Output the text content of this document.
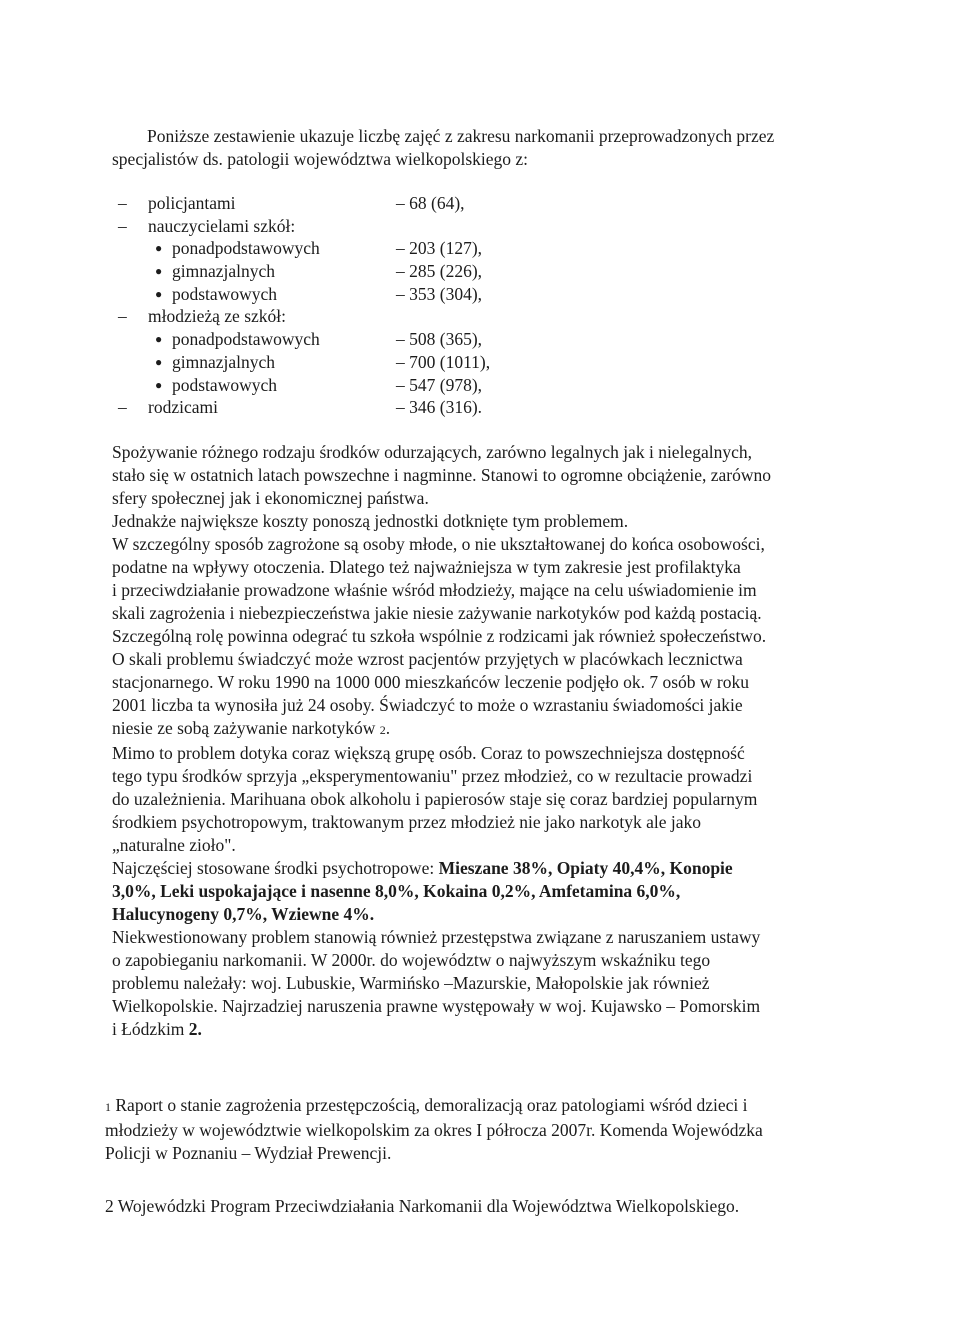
Poniższe zestawienie ukazuje liczbę zajęć z zakresu narkomanii przeprowadzonych przez

specjalistów ds. patologii województwa wielkopolskiego z:

– policjantami	– 68 (64),
– nauczycielami szkół:
● ponadpodstawowych	– 203 (127),
● gimnazjalnych	– 285 (226),
● podstawowych	– 353 (304),
– młodzieżą ze szkół:
● ponadpodstawowych	– 508 (365),
● gimnazjalnych	– 700 (1011),
● podstawowych	– 547 (978),
– rodzicami	– 346 (316).

Spożywanie różnego rodzaju środków odurzających, zarówno legalnych jak i nielegalnych,

stało się w ostatnich latach powszechne i nagminne. Stanowi to ogromne obciążenie, zarówno

sfery społecznej jak i ekonomicznej państwa.

Jednakże największe koszty ponoszą jednostki dotknięte tym problemem.

W szczególny sposób zagrożone są osoby młode, o nie ukształtowanej do końca osobowości,

podatne na wpływy otoczenia. Dlatego też najważniejsza w tym zakresie jest profilaktyka

i przeciwdziałanie prowadzone właśnie wśród młodzieży, mające na celu uświadomienie im

skali zagrożenia i niebezpieczeństwa jakie niesie zażywanie narkotyków pod każdą postacią.

Szczególną rolę powinna odegrać tu szkoła wspólnie z rodzicami jak również społeczeństwo.

O skali problemu świadczyć może wzrost pacjentów przyjętych w placówkach lecznictwa

stacjonarnego. W roku 1990 na 1000 000 mieszkańców leczenie podjęło ok. 7 osób w roku

2001 liczba ta wynosiła już 24 osoby. Świadczyć to może o wzrastaniu świadomości jakie

niesie ze sobą zażywanie narkotyków 2.

Mimo to problem dotyka coraz większą grupę osób. Coraz to powszechniejsza dostępność

tego typu środków sprzyja „eksperymentowaniu" przez młodzież, co w rezultacie prowadzi

do uzależnienia. Marihuana obok alkoholu i papierosów staje się coraz bardziej popularnym

środkiem psychotropowym, traktowanym przez młodzież nie jako narkotyk ale jako

„naturalne zioło".

Najczęściej stosowane środki psychotropowe: Mieszane 38%, Opiaty 40,4%, Konopie

3,0%, Leki uspokajające i nasenne 8,0%, Kokaina 0,2%, Amfetamina 6,0%,

Halucynogeny 0,7%, Wziewne 4%.

Niekwestionowany problem stanowią również przestępstwa związane z naruszaniem ustawy

o zapobieganiu narkomanii. W 2000r. do województw o najwyższym wskaźniku tego

problemu należały: woj. Lubuskie, Warmińsko –Mazurskie, Małopolskie jak również

Wielkopolskie. Najrzadziej naruszenia prawne występowały w woj. Kujawsko – Pomorskim

i Łódzkim 2.

1 Raport o stanie zagrożenia przestępczością, demoralizacją oraz patologiami wśród dzieci i

młodzieży w województwie wielkopolskim za okres I półrocza 2007r. Komenda Wojewódzka

Policji w Poznaniu – Wydział Prewencji.

2 Wojewódzki Program Przeciwdziałania Narkomanii dla Województwa Wielkopolskiego.
